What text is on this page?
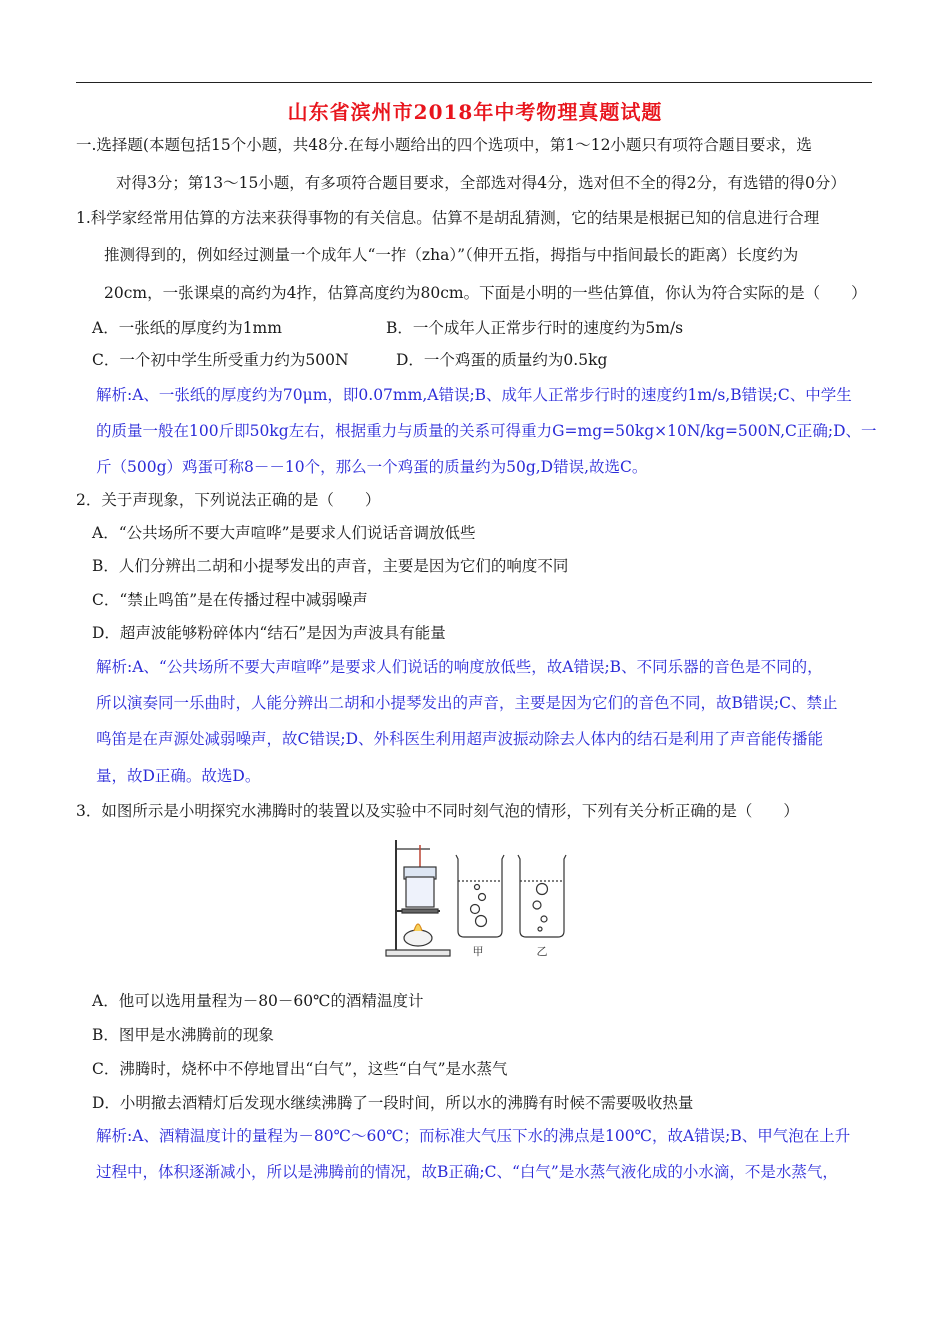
山东省滨州市2018年中考物理真题试题
一.选择题(本题包括15个小题，共48分.在每小题给出的四个选项中，第1～12小题只有项符合题目要求，选
对得3分；第13～15小题，有多项符合题目要求，全部选对得4分，选对但不全的得2分，有选错的得0分）
1.科学家经常用估算的方法来获得事物的有关信息。估算不是胡乱猜测，它的结果是根据已知的信息进行合理
推测得到的，例如经过测量一个成年人“一拃（zha）”（伸开五指，拇指与中指间最长的距离）长度约为
20cm，一张课桌的高约为4拃，估算高度约为80cm。下面是小明的一些估算值，你认为符合实际的是（　　）
A．一张纸的厚度约为1mm	B．一个成年人正常步行时的速度约为5m/s
C．一个初中学生所受重力约为500N	D．一个鸡蛋的质量约为0.5kg
解析:A、一张纸的厚度约为70μm，即0.07mm,A错误;B、成年人正常步行时的速度约1m/s,B错误;C、中学生
的质量一般在100斤即50kg左右，根据重力与质量的关系可得重力G=mg=50kg×10N/kg=500N,C正确;D、一
斤（500g）鸡蛋可称8－－10个，那么一个鸡蛋的质量约为50g,D错误,故选C。
2．关于声现象，下列说法正确的是（　　）
A．“公共场所不要大声喧哗”是要求人们说话音调放低些
B．人们分辨出二胡和小提琴发出的声音，主要是因为它们的响度不同
C．“禁止鸣笛”是在传播过程中减弱噪声
D．超声波能够粉碎体内“结石”是因为声波具有能量
解析:A、“公共场所不要大声喧哗”是要求人们说话的响度放低些，故A错误;B、不同乐器的音色是不同的，
所以演奏同一乐曲时，人能分辨出二胡和小提琴发出的声音，主要是因为它们的音色不同，故B错误;C、禁止
鸣笛是在声源处减弱噪声，故C错误;D、外科医生利用超声波振动除去人体内的结石是利用了声音能传播能
量，故D正确。故选D。
3．如图所示是小明探究水沸腾时的装置以及实验中不同时刻气泡的情形，下列有关分析正确的是（　　）
甲	乙
A．他可以选用量程为－80－60℃的酒精温度计
B．图甲是水沸腾前的现象
C．沸腾时，烧杯中不停地冒出“白气”，这些“白气”是水蒸气
D．小明撤去酒精灯后发现水继续沸腾了一段时间，所以水的沸腾有时候不需要吸收热量
解析:A、酒精温度计的量程为－80℃～60℃；而标准大气压下水的沸点是100℃，故A错误;B、甲气泡在上升
过程中，体积逐渐减小，所以是沸腾前的情况，故B正确;C、“白气”是水蒸气液化成的小水滴，不是水蒸气，
